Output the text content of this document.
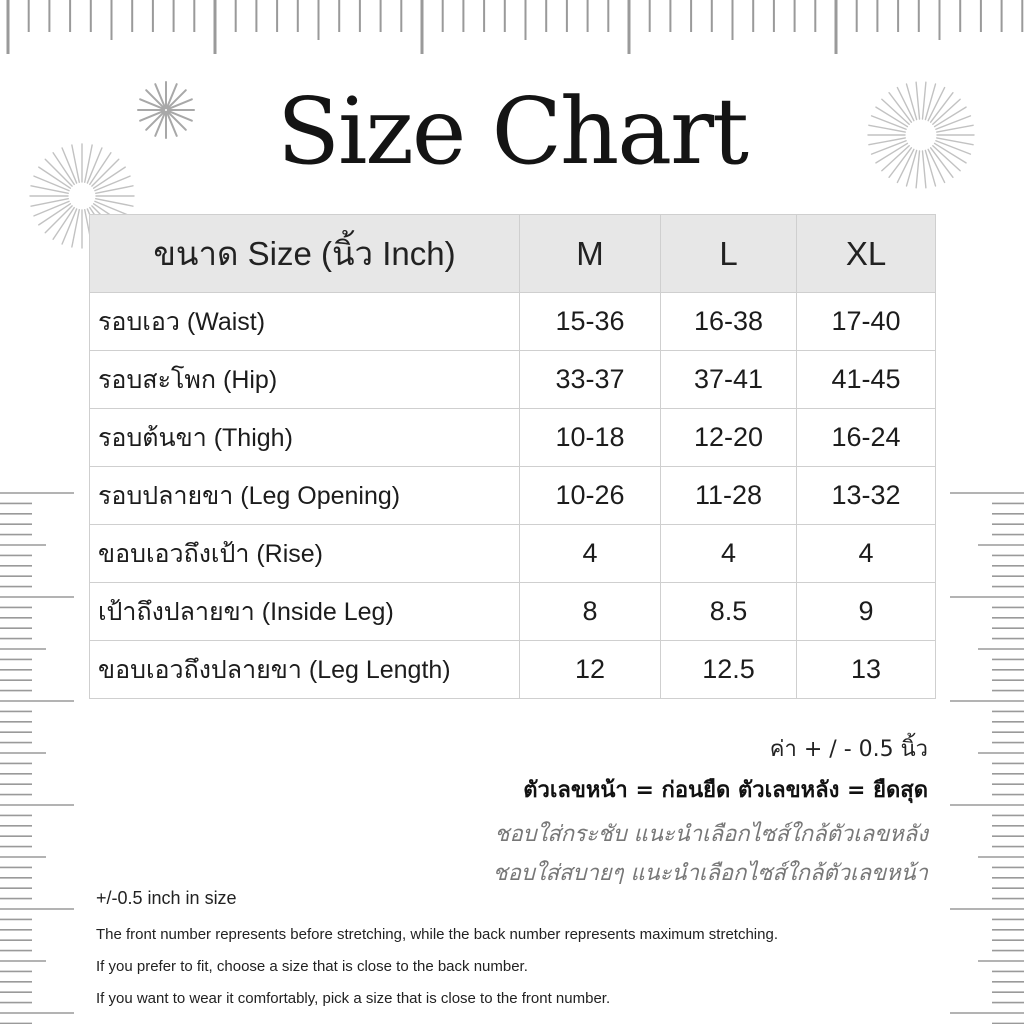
Size Chart
ขนาด Size (นิ้ว Inch)	M	L	XL
รอบเอว (Waist)	15-36	16-38	17-40
รอบสะโพก (Hip)	33-37	37-41	41-45
รอบต้นขา (Thigh)	10-18	12-20	16-24
รอบปลายขา (Leg Opening)	10-26	11-28	13-32
ขอบเอวถึงเป้า (Rise)	4	4	4
เป้าถึงปลายขา (Inside Leg)	8	8.5	9
ขอบเอวถึงปลายขา (Leg Length)	12	12.5	13

ค่า + / - 0.5 นิ้ว

ตัวเลขหน้า = ก่อนยืด ตัวเลขหลัง = ยืดสุด

ชอบใส่กระชับ แนะนำเลือกไซส์ใกล้ตัวเลขหลัง

ชอบใส่สบายๆ แนะนำเลือกไซส์ใกล้ตัวเลขหน้า

+/-0.5 inch in size

The front number represents before stretching, while the back number represents maximum stretching.

If you prefer to fit, choose a size that is close to the back number.

If you want to wear it comfortably, pick a size that is close to the front number.
